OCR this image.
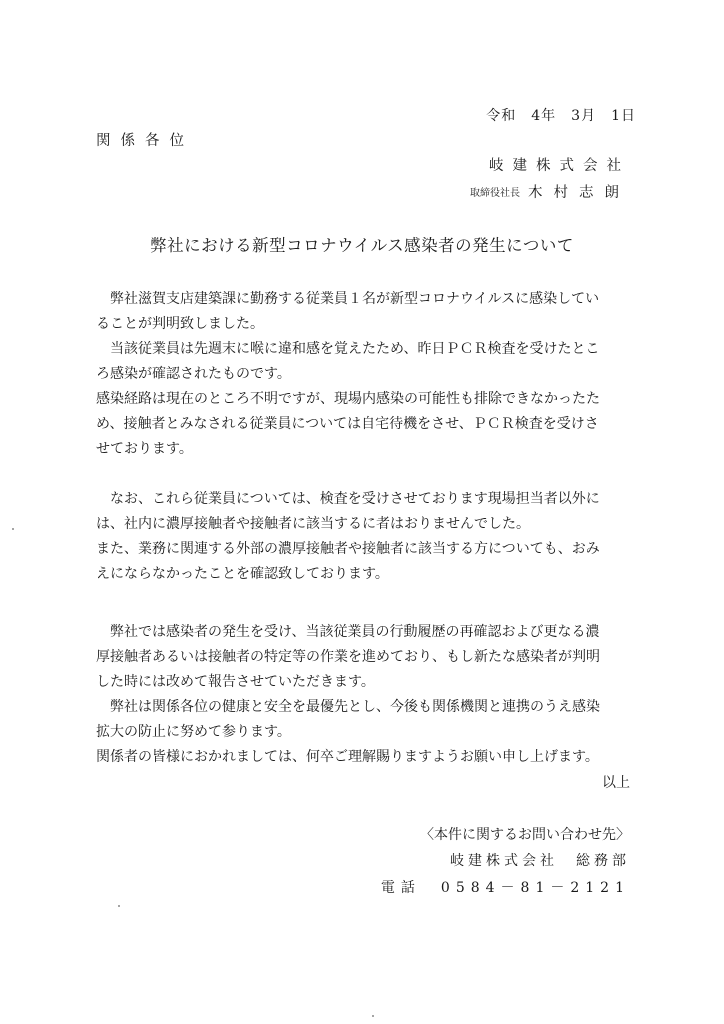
令和　4年　3月　1日
関係各位
岐建株式会社
取締役社長 木村志朗
弊社における新型コロナウイルス感染者の発生について
　弊社滋賀支店建築課に勤務する従業員１名が新型コロナウイルスに感染してい
ることが判明致しました。
　当該従業員は先週末に喉に違和感を覚えたため、昨日ＰＣＲ検査を受けたとこ
ろ感染が確認されたものです。
感染経路は現在のところ不明ですが、現場内感染の可能性も排除できなかったた
め、接触者とみなされる従業員については自宅待機をさせ、ＰＣＲ検査を受けさ
せております。
　なお、これら従業員については、検査を受けさせております現場担当者以外に
は、社内に濃厚接触者や接触者に該当するに者はおりませんでした。
また、業務に関連する外部の濃厚接触者や接触者に該当する方についても、おみ
えにならなかったことを確認致しております。
　弊社では感染者の発生を受け、当該従業員の行動履歴の再確認および更なる濃
厚接触者あるいは接触者の特定等の作業を進めており、もし新たな感染者が判明
した時には改めて報告させていただきます。
　弊社は関係各位の健康と安全を最優先とし、今後も関係機関と連携のうえ感染
拡大の防止に努めて参ります。
関係者の皆様におかれましては、何卒ご理解賜りますようお願い申し上げます。
以上
〈本件に関するお問い合わせ先〉
岐建株式会社　総務部
電話　0584－81－2121
